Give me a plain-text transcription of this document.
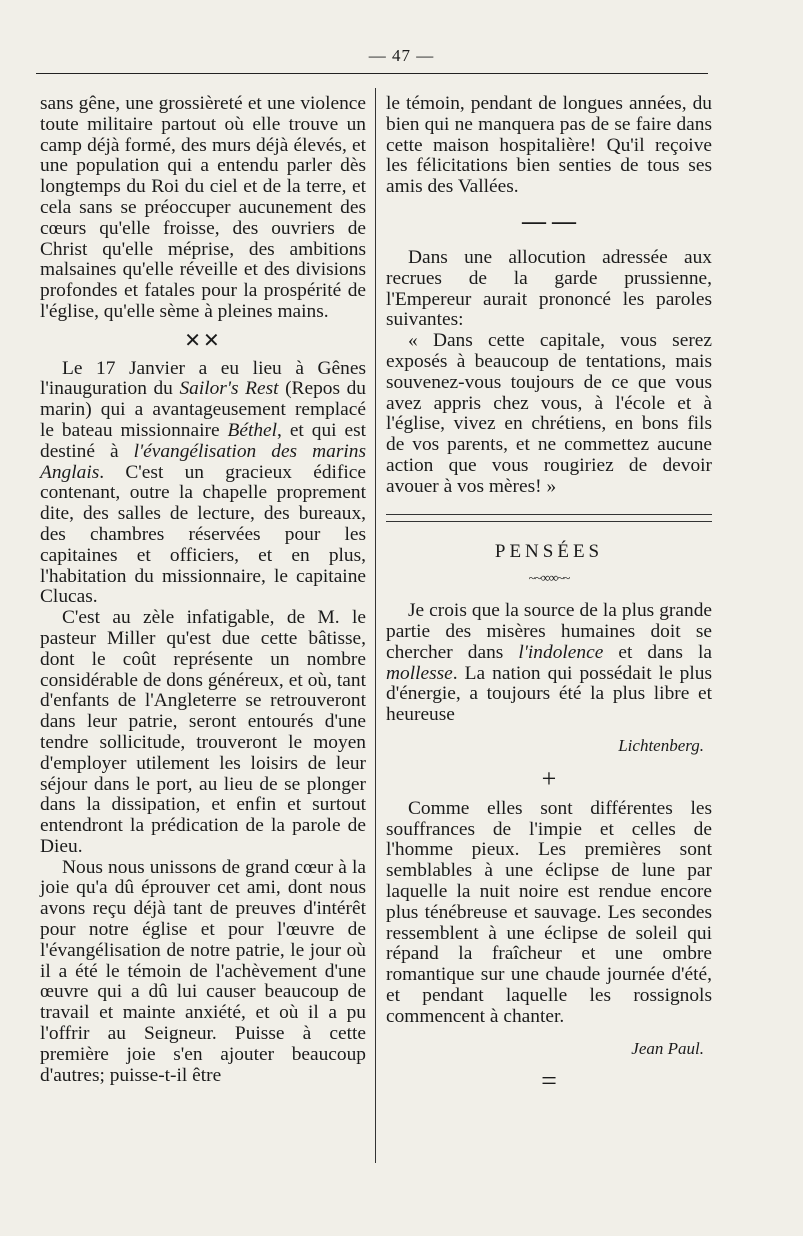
— 47 —

sans gêne, une grossièreté et une violence toute militaire partout où elle trouve un camp déjà formé, des murs déjà élevés, et une population qui a entendu parler dès longtemps du Roi du ciel et de la terre, et cela sans se préoccuper aucunement des cœurs qu'elle froisse, des ouvriers de Christ qu'elle méprise, des ambitions malsaines qu'elle réveille et des divisions profondes et fatales pour la prospérité de l'église, qu'elle sème à pleines mains.

✕✕

Le 17 Janvier a eu lieu à Gênes l'inauguration du Sailor's Rest (Repos du marin) qui a avantageusement remplacé le bateau missionnaire Béthel, et qui est destiné à l'évangélisation des marins Anglais. C'est un gracieux édifice contenant, outre la chapelle proprement dite, des salles de lecture, des bureaux, des chambres réservées pour les capitaines et officiers, et en plus, l'habitation du missionnaire, le capitaine Clucas.

C'est au zèle infatigable, de M. le pasteur Miller qu'est due cette bâtisse, dont le coût représente un nombre considérable de dons généreux, et où, tant d'enfants de l'Angleterre se retrouveront dans leur patrie, seront entourés d'une tendre sollicitude, trouveront le moyen d'employer utilement les loisirs de leur séjour dans le port, au lieu de se plonger dans la dissipation, et enfin et surtout entendront la prédication de la parole de Dieu.

Nous nous unissons de grand cœur à la joie qu'a dû éprouver cet ami, dont nous avons reçu déjà tant de preuves d'intérêt pour notre église et pour l'œuvre de l'évangélisation de notre patrie, le jour où il a été le témoin de l'achèvement d'une œuvre qui a dû lui causer beaucoup de travail et mainte anxiété, et où il a pu l'offrir au Seigneur. Puisse à cette première joie s'en ajouter beaucoup d'autres; puisse-t-il être

le témoin, pendant de longues années, du bien qui ne manquera pas de se faire dans cette maison hospitalière! Qu'il reçoive les félicitations bien senties de tous ses amis des Vallées.

— —

Dans une allocution adressée aux recrues de la garde prussienne, l'Empereur aurait prononcé les paroles suivantes:

« Dans cette capitale, vous serez exposés à beaucoup de tentations, mais souvenez-vous toujours de ce que vous avez appris chez vous, à l'école et à l'église, vivez en chrétiens, en bons fils de vos parents, et ne commettez aucune action que vous rougiriez de devoir avouer à vos mères! »

PENSÉES
~~∞∞~~

Je crois que la source de la plus grande partie des misères humaines doit se chercher dans l'indolence et dans la mollesse. La nation qui possédait le plus d'énergie, a toujours été la plus libre et heureuse

Lichtenberg.
+

Comme elles sont différentes les souffrances de l'impie et celles de l'homme pieux. Les premières sont semblables à une éclipse de lune par laquelle la nuit noire est rendue encore plus ténébreuse et sauvage. Les secondes ressemblent à une éclipse de soleil qui répand la fraîcheur et une ombre romantique sur une chaude journée d'été, et pendant laquelle les rossignols commencent à chanter.

Jean Paul.
=
